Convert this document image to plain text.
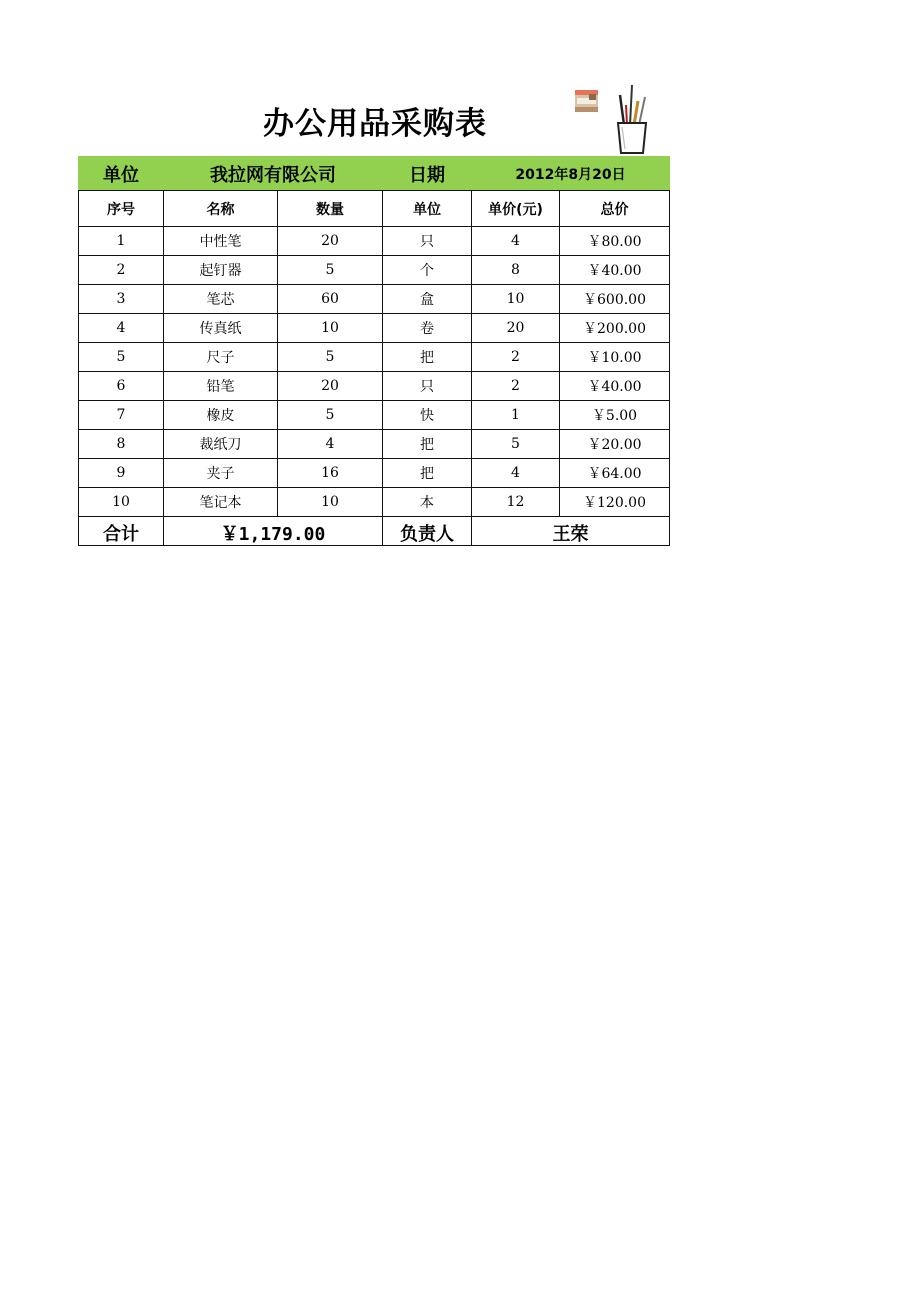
办公用品采购表
单位	我拉网有限公司		日期	2012年8月20日	
序号	名称	数量	单位	单价(元)	总价
1	中性笔	20	只	4	￥80.00
2	起钉器	5	个	8	￥40.00
3	笔芯	60	盒	10	￥600.00
4	传真纸	10	卷	20	￥200.00
5	尺子	5	把	2	￥10.00
6	铅笔	20	只	2	￥40.00
7	橡皮	5	快	1	￥5.00
8	裁纸刀	4	把	5	￥20.00
9	夹子	16	把	4	￥64.00
10	笔记本	10	本	12	￥120.00
合计	￥1,179.00		负责人	王荣	
